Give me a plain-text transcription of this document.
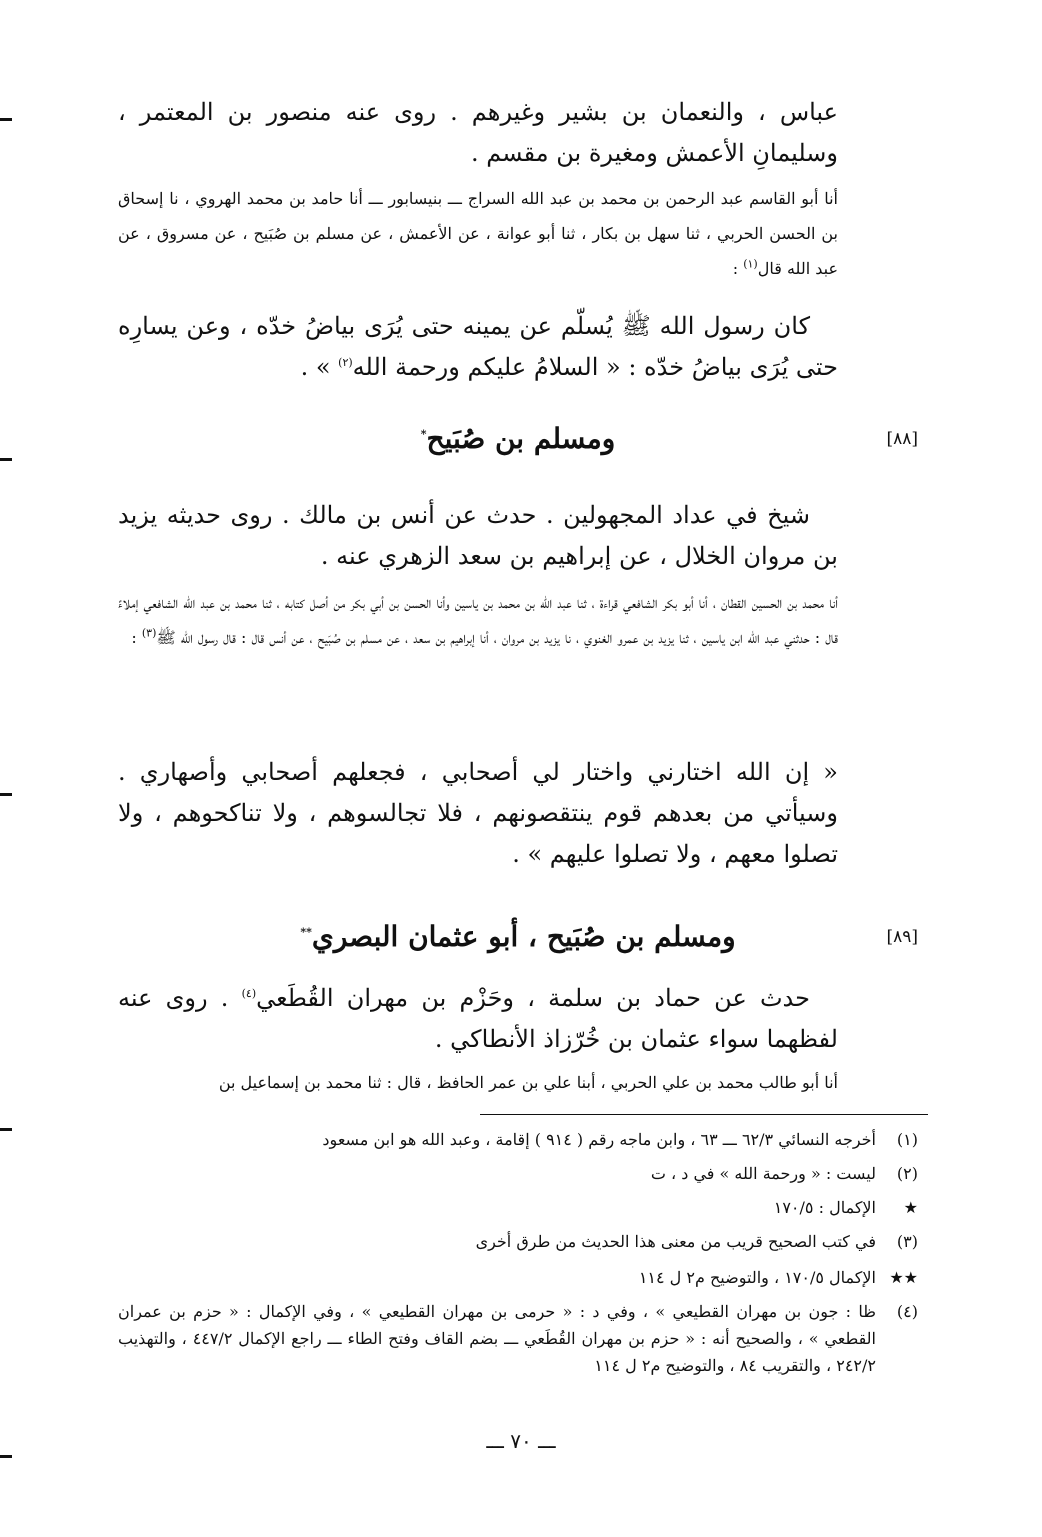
عباس ، والنعمان بن بشير وغيرهم . روى عنه منصور بن المعتمر ، وسليمانِ الأعمش ومغيرة بن مقسم .
أنا أبو القاسم عبد الرحمن بن محمد بن عبد الله السراج ـــ بنيسابور ـــ أنا حامد بن محمد الهروي ، نا إسحاق بن الحسن الحربي ، ثنا سهل بن بكار ، ثنا أبو عوانة ، عن الأعمش ، عن مسلم بن صُبَيح ، عن مسروق ، عن عبد الله قال$^{(١)}$ :
كان رسول الله ﷺ يُسلّم عن يمينه حتى يُرَى بياضُ خدّه ، وعن يسارِه حتى يُرَى بياضُ خدّه : « السلامُ عليكم ورحمة الله$^{(٢)}$ » .
[٨٨]
ومسلم بن صُبَيح*
شيخ في عداد المجهولين . حدث عن أنس بن مالك . روى حديثه يزيد بن مروان الخلال ، عن إبراهيم بن سعد الزهري عنه .
أنا محمد بن الحسين القطان ، أنا أبو بكر الشافعي قراءة ، ثنا عبد الله بن محمد بن ياسين وأنا الحسن بن أبي بكر من أصل كتابه ، ثنا محمد بن عبد الله الشافعي إملاءً قال : حدثني عبد الله ابن ياسين ، ثنا يزيد بن عمرو الغنوي ، نا يزيد بن مروان ، أنا إبراهيم بن سعد ، عن مسلم بن صُبَيح ، عن أنس قال : قال رسول الله ﷺ$^{(٣)}$ :
« إن الله اختارني واختار لي أصحابي ، فجعلهم أصحابي وأصهاري . وسيأتي من بعدهم قوم ينتقصونهم ، فلا تجالسوهم ، ولا تناكحوهم ، ولا تصلوا معهم ، ولا تصلوا عليهم » .
[٨٩]
ومسلم بن صُبَيح ، أبو عثمان البصري**
حدث عن حماد بن سلمة ، وحَزْم بن مهران القُطَعي$^{(٤)}$ . روى عنه لفظهما سواء عثمان بن خُرّزاذ الأنطاكي .
أنا أبو طالب محمد بن علي الحربي ، أبنا علي بن عمر الحافظ ، قال : ثنا محمد بن إسماعيل بن
(١)
أخرجه النسائي ٦٢/٣ ـــ ٦٣ ، وابن ماجه رقم ( ٩١٤ ) إقامة ، وعبد الله هو ابن مسعود
(٢)
ليست : « ورحمة الله » في د ، ت
★
الإكمال : ١٧٠/٥
(٣)
في كتب الصحيح قريب من معنى هذا الحديث من طرق أخرى
★★
الإكمال ١٧٠/٥ ، والتوضيح م٢ ل ١١٤
(٤)
ظا : جون بن مهران القطيعي » ، وفي د : « حرمى بن مهران القطيعي » ، وفي الإكمال : « حزم بن عمران القطعي » ، والصحيح أنه : « حزم بن مهران القُطَعي ـــ بضم القاف وفتح الطاء ـــ راجع الإكمال ٤٤٧/٢ ، والتهذيب ٢٤٢/٢ ، والتقريب ٨٤ ، والتوضيح م٢ ل ١١٤
ـــ ٧٠ ـــ
